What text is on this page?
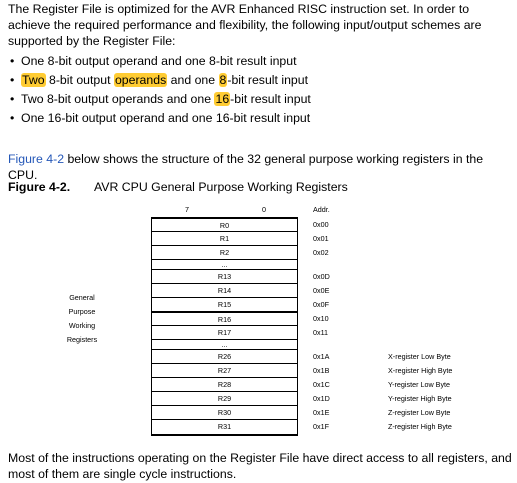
The Register File is optimized for the AVR Enhanced RISC instruction set. In order to achieve the required performance and flexibility, the following input/output schemes are supported by the Register File:

• One 8-bit output operand and one 8-bit result input
• Two 8-bit output operands and one 8-bit result input
• Two 8-bit output operands and one 16-bit result input
• One 16-bit output operand and one 16-bit result input

Figure 4-2 below shows the structure of the 32 general purpose working registers in the CPU.

Figure 4-2. AVR CPU General Purpose Working Registers
7	0	Addr.
General
Purpose
Working
Registers
R0
R1
R2
...
R13
R14
R15
R16
R17
...
R26
R27
R28
R29
R30
R31
0x00
0x01
0x02
0x0D
0x0E
0x0F
0x10
0x11
0x1A
0x1B
0x1C
0x1D
0x1E
0x1F
X-register Low Byte
X-register High Byte
Y-register Low Byte
Y-register High Byte
Z-register Low Byte
Z-register High Byte

Most of the instructions operating on the Register File have direct access to all registers, and most of them are single cycle instructions.
